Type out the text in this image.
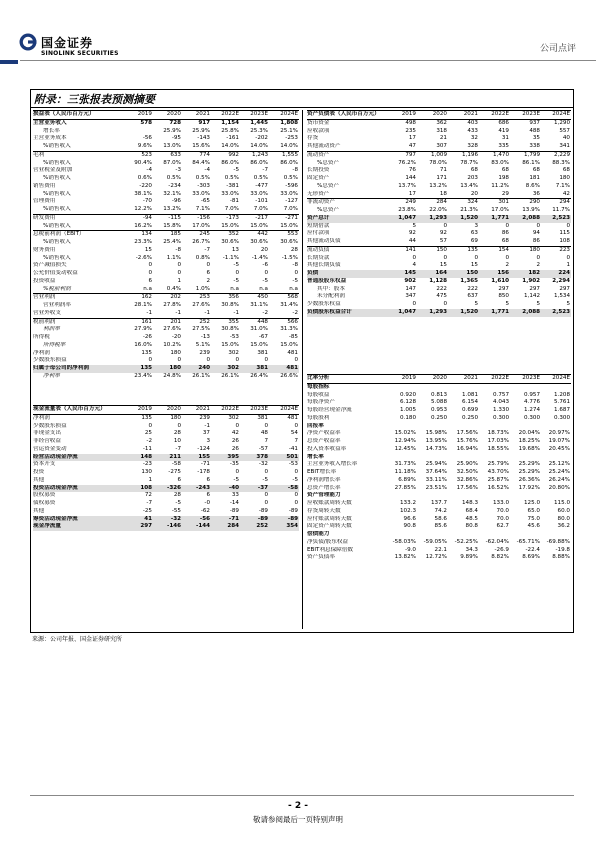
国金证券
SINOLINK SECURITIES	公司点评
附录：三张报表预测摘要
损益表（人民币百万元）	2019	2020	2021	2022E	2023E	2024E
主营业务收入	578	728	917	1,154	1,445	1,808
增长率		25.9%	25.9%	25.8%	25.3%	25.1%
主营业务成本	-56	-95	-143	-161	-202	-253
%销售收入	9.6%	13.0%	15.6%	14.0%	14.0%	14.0%
毛利	523	633	774	992	1,243	1,555
%销售收入	90.4%	87.0%	84.4%	86.0%	86.0%	86.0%
营业税金及附加	-4	-3	-4	-5	-7	-8
%销售收入	0.6%	0.5%	0.5%	0.5%	0.5%	0.5%
销售费用	-220	-234	-303	-381	-477	-596
%销售收入	38.1%	32.1%	33.0%	33.0%	33.0%	33.0%
管理费用	-70	-96	-65	-81	-101	-127
%销售收入	12.2%	13.2%	7.1%	7.0%	7.0%	7.0%
研发费用	-94	-115	-156	-173	-217	-271
%销售收入	16.2%	15.8%	17.0%	15.0%	15.0%	15.0%
息税前利润（EBIT）	134	185	245	352	442	553
%销售收入	23.3%	25.4%	26.7%	30.6%	30.6%	30.6%
财务费用	15	-8	-7	13	20	28
%销售收入	-2.6%	1.1%	0.8%	-1.1%	-1.4%	-1.5%
资产减值损失	0	0	0	-5	-6	-8
公允价值变动收益	0	0	6	0	0	0
投资收益	6	1	2	-5	-5	-5
%税前利润	n.a	0.4%	1.0%	n.a	n.a	n.a
营业利润	162	202	253	356	450	568
营业利润率	28.1%	27.8%	27.6%	30.8%	31.1%	31.4%
营业外收支	-1	-1	-1	-1	-2	-2
税前利润	161	201	252	355	448	566
利润率	27.9%	27.6%	27.5%	30.8%	31.0%	31.3%
所得税	-26	-20	-13	-53	-67	-85
所得税率	16.0%	10.2%	5.1%	15.0%	15.0%	15.0%
净利润	135	180	239	302	381	481
少数股东损益	0	0	0	0	0	0
归属于母公司的净利润	135	180	240	302	381	481
净利率	23.4%	24.8%	26.1%	26.1%	26.4%	26.6%
资产负债表（人民币百万元）	2019	2020	2021	2022E	2023E	2024E
货币资金	498	362	403	686	937	1,290
应收款项	235	318	433	419	488	557
存货	17	21	32	31	35	40
其他流动资产	47	307	328	335	338	341
流动资产	797	1,009	1,196	1,470	1,799	2,229
%总资产	76.2%	78.0%	78.7%	83.0%	86.1%	88.3%
长期投资	76	71	68	68	68	68
固定资产	144	171	203	198	181	180
%总资产	13.7%	13.2%	13.4%	11.2%	8.6%	7.1%
无形资产	17	18	20	29	36	42
非流动资产	249	284	324	301	290	294
%总资产	23.8%	22.0%	21.3%	17.0%	13.9%	11.7%
资产总计	1,047	1,293	1,520	1,771	2,088	2,523
短期借款	5	0	3	0	0	0
应付款项	92	92	63	86	94	115
其他流动负债	44	57	69	68	86	108
流动负债	141	150	135	154	180	223
长期贷款	0	0	0	0	0	0
其他长期负债	4	15	15	2	2	1
负债	145	164	150	156	182	224
普通股股东权益	902	1,128	1,365	1,610	1,902	2,294
其中：股本	147	222	222	297	297	297
未分配利润	347	475	637	850	1,142	1,534
少数股东权益	0	0	5	5	5	5
负债股东权益合计	1,047	1,293	1,520	1,771	2,088	2,523
比率分析	2019	2020	2021	2022E	2023E	2024E
每股指标						
每股收益	0.920	0.813	1.081	0.757	0.957	1.208
每股净资产	6.128	5.088	6.154	4.043	4.776	5.761
每股经营现金净流	1.005	0.953	0.699	1.330	1.274	1.687
每股股利	0.180	0.250	0.250	0.300	0.300	0.300
回报率						
净资产收益率	15.02%	15.98%	17.56%	18.73%	20.04%	20.97%
总资产收益率	12.94%	13.95%	15.76%	17.03%	18.25%	19.07%
投入资本收益率	12.45%	14.73%	16.94%	18.55%	19.68%	20.45%
增长率						
主营业务收入增长率	31.73%	25.94%	25.90%	25.79%	25.29%	25.12%
EBIT增长率	11.18%	37.64%	32.50%	43.70%	25.29%	25.24%
净利润增长率	6.89%	33.11%	32.86%	25.87%	26.36%	26.24%
总资产增长率	27.85%	23.51%	17.56%	16.52%	17.92%	20.80%
资产管理能力						
应收账款周转天数	133.2	137.7	148.3	133.0	125.0	115.0
存货周转天数	102.3	74.2	68.4	70.0	65.0	60.0
应付账款周转天数	96.6	58.6	48.5	70.0	75.0	80.0
固定资产周转天数	90.8	85.6	80.8	62.7	45.6	36.2
偿债能力						
净负债/股东权益	-58.03%	-59.05%	-52.25%	-62.04%	-65.71%	-69.88%
EBIT利息保障倍数	-9.0	22.1	34.3	-26.9	-22.4	-19.8
资产负债率	13.82%	12.72%	9.89%	8.82%	8.69%	8.88%
现金流量表（人民币百万元）	2019	2020	2021	2022E	2023E	2024E
净利润	135	180	239	302	381	481
少数股东损益	0	0	-1	0	0	0
非现金支出	25	28	37	42	48	54
非经营收益	-2	10	3	26	7	7
营运资金变动	-11	-7	-124	26	-57	-41
经营活动现金净流	148	211	155	395	378	501
资本开支	-23	-58	-71	-35	-32	-53
投资	130	-275	-178	0	0	0
其他	1	6	6	-5	-5	-5
投资活动现金净流	108	-326	-243	-40	-37	-58
股权募资	72	28	6	33	0	0
债权募资	-7	-5	-0	-14	0	0
其他	-25	-55	-62	-89	-89	-89
筹资活动现金净流	41	-32	-56	-71	-89	-89
现金净流量	297	-146	-144	284	252	354
来源：公司年报、国金证券研究所
- 2 -
敬请参阅最后一页特别声明
